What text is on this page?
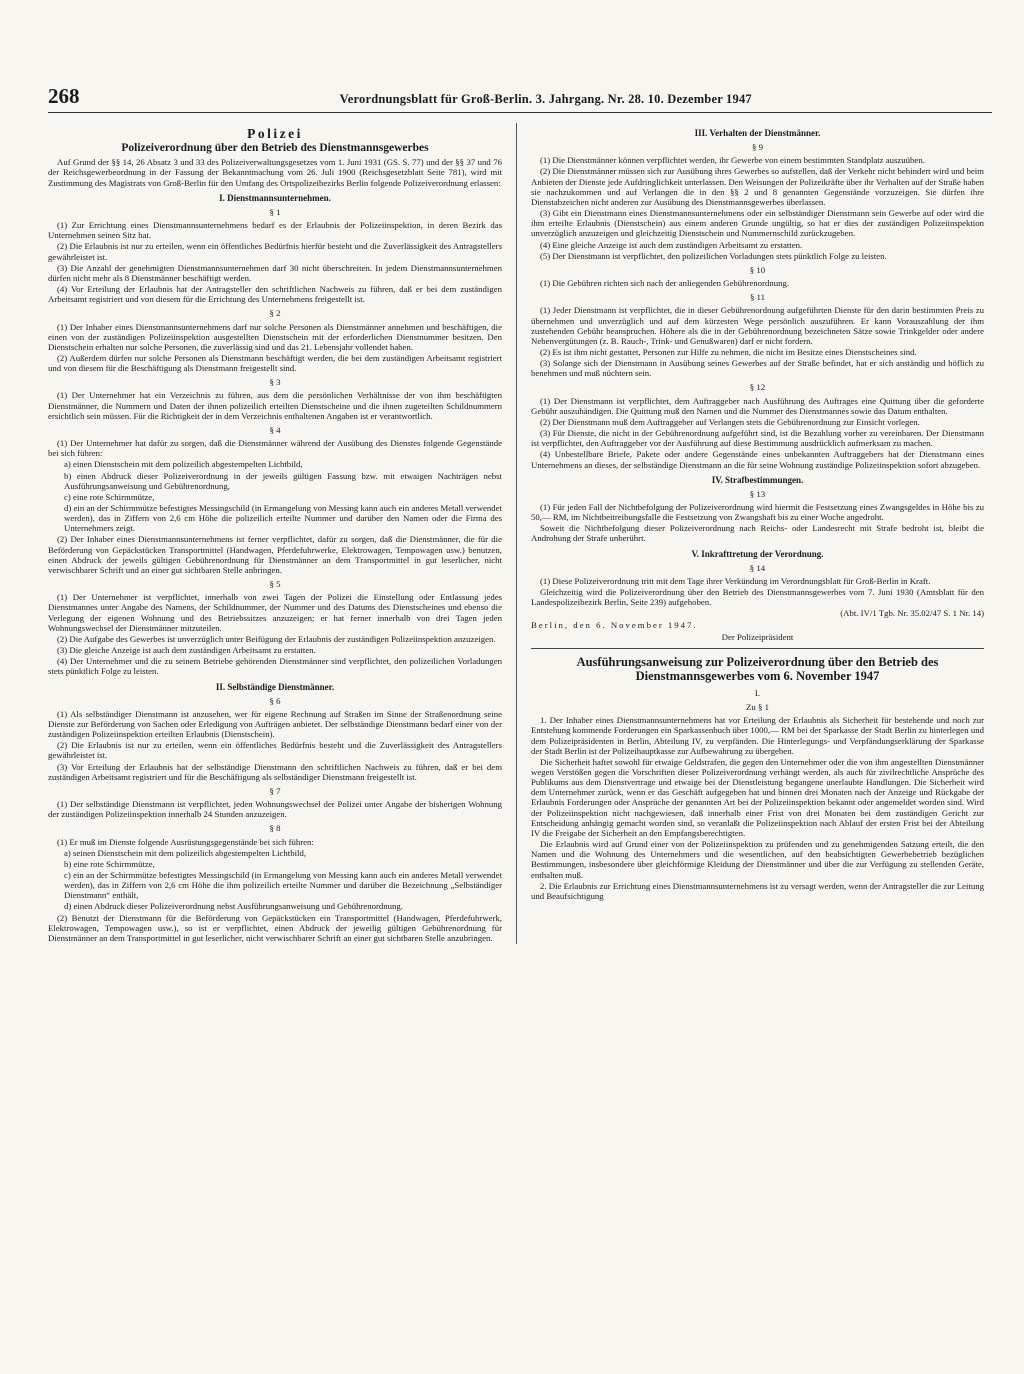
268	Verordnungsblatt für Groß-Berlin. 3. Jahrgang. Nr. 28. 10. Dezember 1947
Polizei
Polizeiverordnung über den Betrieb des Dienstmannsgewerbes

Auf Grund der §§ 14, 26 Absatz 3 und 33 des Polizeiverwaltungsgesetzes vom 1. Juni 1931 (GS. S. 77) und der §§ 37 und 76 der Reichsgewerbeordnung in der Fassung der Bekanntmachung vom 26. Juli 1900 (Reichsgesetzblatt Seite 781), wird mit Zustimmung des Magistrats von Groß-Berlin für den Umfang des Ortspolizeibezirks Berlin folgende Polizeiverordnung erlassen:

I. Dienstmannsunternehmen.
§ 1

(1) Zur Errichtung eines Dienstmannsunternehmens bedarf es der Erlaubnis der Polizeiinspektion, in deren Bezirk das Unternehmen seinen Sitz hat.

(2) Die Erlaubnis ist nur zu erteilen, wenn ein öffentliches Bedürfnis hierfür besteht und die Zuverlässigkeit des Antragstellers gewährleistet ist.

(3) Die Anzahl der genehmigten Dienstmannsunternehmen darf 30 nicht überschreiten. In jedem Dienstmannsunternehmen dürfen nicht mehr als 8 Dienstmänner beschäftigt werden.

(4) Vor Erteilung der Erlaubnis hat der Antragsteller den schriftlichen Nachweis zu führen, daß er bei dem zuständigen Arbeitsamt registriert und von diesem für die Errichtung des Unternehmens freigestellt ist.

§ 2

(1) Der Inhaber eines Dienstmannsunternehmens darf nur solche Personen als Dienstmänner annehmen und beschäftigen, die einen von der zuständigen Polizeiinspektion ausgestellten Dienstschein mit der erforderlichen Dienstnummer besitzen. Den Dienstschein erhalten nur solche Personen, die zuverlässig sind und das 21. Lebensjahr vollendet haben.

(2) Außerdem dürfen nur solche Personen als Dienstmann beschäftigt werden, die bei dem zuständigen Arbeitsamt registriert und von diesem für die Beschäftigung als Dienstmann freigestellt sind.

§ 3

(1) Der Unternehmer hat ein Verzeichnis zu führen, aus dem die persönlichen Verhältnisse der von ihm beschäftigten Dienstmänner, die Nummern und Daten der ihnen polizeilich erteilten Dienstscheine und die ihnen zugeteilten Schildnummern ersichtlich sein müssen. Für die Richtigkeit der in dem Verzeichnis enthaltenen Angaben ist er verantwortlich.

§ 4

(1) Der Unternehmer hat dafür zu sorgen, daß die Dienstmänner während der Ausübung des Dienstes folgende Gegenstände bei sich führen:

a) einen Dienstschein mit dem polizeilich abgestempelten Lichtbild,

b) einen Abdruck dieser Polizeiverordnung in der jeweils gültigen Fassung bzw. mit etwaigen Nachträgen nebst Ausführungsanweisung und Gebührenordnung,

c) eine rote Schirmmütze,

d) ein an der Schirmmütze befestigtes Messingschild (in Ermangelung von Messing kann auch ein anderes Metall verwendet werden), das in Ziffern von 2,6 cm Höhe die polizeilich erteilte Nummer und darüber den Namen oder die Firma des Unternehmers zeigt.

(2) Der Inhaber eines Dienstmannsunternehmens ist ferner verpflichtet, dafür zu sorgen, daß die Dienstmänner, die für die Beförderung von Gepäckstücken Transportmittel (Handwagen, Pferdefuhrwerke, Elektrowagen, Tempowagen usw.) benutzen, einen Abdruck der jeweils gültigen Gebührenordnung für Dienstmänner an dem Transportmittel in gut leserlicher, nicht verwischbarer Schrift und an einer gut sichtbaren Stelle anbringen.

§ 5

(1) Der Unternehmer ist verpflichtet, innerhalb von zwei Tagen der Polizei die Einstellung oder Entlassung jedes Dienstmannes unter Angabe des Namens, der Schildnummer, der Nummer und des Datums des Dienstscheines und ebenso die Verlegung der eigenen Wohnung und des Betriebssitzes anzuzeigen; er hat ferner innerhalb von drei Tagen jeden Wohnungswechsel der Dienstmänner mitzuteilen.

(2) Die Aufgabe des Gewerbes ist unverzüglich unter Beifügung der Erlaubnis der zuständigen Polizeiinspektion anzuzeigen.

(3) Die gleiche Anzeige ist auch dem zuständigen Arbeitsamt zu erstatten.

(4) Der Unternehmer und die zu seinem Betriebe gehörenden Dienstmänner sind verpflichtet, den polizeilichen Vorladungen stets pünktlich Folge zu leisten.

II. Selbständige Dienstmänner.
§ 6

(1) Als selbständiger Dienstmann ist anzusehen, wer für eigene Rechnung auf Straßen im Sinne der Straßenordnung seine Dienste zur Beförderung von Sachen oder Erledigung von Aufträgen anbietet. Der selbständige Dienstmann bedarf einer von der zuständigen Polizeiinspektion erteilten Erlaubnis (Dienstschein).

(2) Die Erlaubnis ist nur zu erteilen, wenn ein öffentliches Bedürfnis besteht und die Zuverlässigkeit des Antragstellers gewährleistet ist.

(3) Vor Erteilung der Erlaubnis hat der selbständige Dienstmann den schriftlichen Nachweis zu führen, daß er bei dem zuständigen Arbeitsamt registriert und für die Beschäftigung als selbständiger Dienstmann freigestellt ist.

§ 7

(1) Der selbständige Dienstmann ist verpflichtet, jeden Wohnungswechsel der Polizei unter Angabe der bisherigen Wohnung der zuständigen Polizeiinspektion innerhalb 24 Stunden anzuzeigen.

§ 8

(1) Er muß im Dienste folgende Ausrüstungsgegenstände bei sich führen:

a) seinen Dienstschein mit dem polizeilich abgestempelten Lichtbild,

b) eine rote Schirmmütze,

c) ein an der Schirmmütze befestigtes Messingschild (in Ermangelung von Messing kann auch ein anderes Metall verwendet werden), das in Ziffern von 2,6 cm Höhe die ihm polizeilich erteilte Nummer und darüber die Bezeichnung „Selbständiger Dienstmann“ enthält,

d) einen Abdruck dieser Polizeiverordnung nebst Ausführungsanweisung und Gebührenordnung.

(2) Benutzt der Dienstmann für die Beförderung von Gepäckstücken ein Transportmittel (Handwagen, Pferdefuhrwerk, Elektrowagen, Tempowagen usw.), so ist er verpflichtet, einen Abdruck der jeweilig gültigen Gebührenordnung für Dienstmänner an dem Transportmittel in gut leserlicher, nicht verwischbarer Schrift an einer gut sichtbaren Stelle anzubringen.

III. Verhalten der Dienstmänner.
§ 9

(1) Die Dienstmänner können verpflichtet werden, ihr Gewerbe von einem bestimmten Standplatz auszuüben.

(2) Die Dienstmänner müssen sich zur Ausübung ihres Gewerbes so aufstellen, daß der Verkehr nicht behindert wird und beim Anbieten der Dienste jede Aufdringlichkeit unterlassen. Den Weisungen der Polizeikräfte über ihr Verhalten auf der Straße haben sie nachzukommen und auf Verlangen die in den §§ 2 und 8 genannten Gegenstände vorzuzeigen. Sie dürfen ihre Dienstabzeichen nicht anderen zur Ausübung des Dienstmannsgewerbes überlassen.

(3) Gibt ein Dienstmann eines Dienstmannsunternehmens oder ein selbständiger Dienstmann sein Gewerbe auf oder wird die ihm erteilte Erlaubnis (Dienstschein) aus einem anderen Grunde ungültig, so hat er dies der zuständigen Polizeiinspektion unverzüglich anzuzeigen und gleichzeitig Dienstschein und Nummernschild zurückzugeben.

(4) Eine gleiche Anzeige ist auch dem zuständigen Arbeitsamt zu erstatten.

(5) Der Dienstmann ist verpflichtet, den polizeilichen Vorladungen stets pünktlich Folge zu leisten.

§ 10

(1) Die Gebühren richten sich nach der anliegenden Gebührenordnung.

§ 11

(1) Jeder Dienstmann ist verpflichtet, die in dieser Gebührenordnung aufgeführten Dienste für den darin bestimmten Preis zu übernehmen und unverzüglich und auf dem kürzesten Wege persönlich auszuführen. Er kann Vorauszahlung der ihm zustehenden Gebühr beanspruchen. Höhere als die in der Gebührenordnung bezeichneten Sätze sowie Trinkgelder oder andere Nebenvergütungen (z. B. Rauch-, Trink- und Genußwaren) darf er nicht fordern.

(2) Es ist ihm nicht gestattet, Personen zur Hilfe zu nehmen, die nicht im Besitze eines Dienstscheines sind.

(3) Solange sich der Dienstmann in Ausübung seines Gewerbes auf der Straße befindet, hat er sich anständig und höflich zu benehmen und muß nüchtern sein.

§ 12

(1) Der Dienstmann ist verpflichtet, dem Auftraggeber nach Ausführung des Auftrages eine Quittung über die geforderte Gebühr auszuhändigen. Die Quittung muß den Namen und die Nummer des Dienstmannes sowie das Datum enthalten.

(2) Der Dienstmann muß dem Auftraggeber auf Verlangen stets die Gebührenordnung zur Einsicht vorlegen.

(3) Für Dienste, die nicht in der Gebührenordnung aufgeführt sind, ist die Bezahlung vorher zu vereinbaren. Der Dienstmann ist verpflichtet, den Auftraggeber vor der Ausführung auf diese Bestimmung ausdrücklich aufmerksam zu machen.

(4) Unbestellbare Briefe, Pakete oder andere Gegenstände eines unbekannten Auftraggebers hat der Dienstmann eines Unternehmens an dieses, der selbständige Dienstmann an die für seine Wohnung zuständige Polizeiinspektion sofort abzugeben.

IV. Strafbestimmungen.
§ 13

(1) Für jeden Fall der Nichtbefolgung der Polizeiverordnung wird hiermit die Festsetzung eines Zwangsgeldes in Höhe bis zu 50,— RM, im Nichtbeitreibungsfalle die Festsetzung von Zwangshaft bis zu einer Woche angedroht.

Soweit die Nichtbefolgung dieser Polizeiverordnung nach Reichs- oder Landesrecht mit Strafe bedroht ist, bleibt die Androhung der Strafe unberührt.

V. Inkrafttretung der Verordnung.
§ 14

(1) Diese Polizeiverordnung tritt mit dem Tage ihrer Verkündung im Verordnungsblatt für Groß-Berlin in Kraft.

Gleichzeitig wird die Polizeiverordnung über den Betrieb des Dienstmannsgewerbes vom 7. Juni 1930 (Amtsblatt für den Landespolizeibezirk Berlin, Seite 239) aufgehoben.

(Abt. IV/1 Tgb. Nr. 35.02/47 S. 1 Nr. 14)

Berlin, den 6. November 1947.

Der Polizeipräsident
Ausführungsanweisung zur Polizeiverordnung über den Betrieb des Dienstmannsgewerbes vom 6. November 1947
I.
Zu § 1

1. Der Inhaber eines Dienstmannsunternehmens hat vor Erteilung der Erlaubnis als Sicherheit für bestehende und noch zur Entstehung kommende Forderungen ein Sparkassenbuch über 1000,— RM bei der Sparkasse der Stadt Berlin zu hinterlegen und dem Polizeipräsidenten in Berlin, Abteilung IV, zu verpfänden. Die Hinterlegungs- und Verpfändungserklärung der Sparkasse der Stadt Berlin ist der Polizeihauptkasse zur Aufbewahrung zu übergeben.

Die Sicherheit haftet sowohl für etwaige Geldstrafen, die gegen den Unternehmer oder die von ihm angestellten Dienstmänner wegen Verstößen gegen die Vorschriften dieser Polizeiverordnung verhängt werden, als auch für zivilrechtliche Ansprüche des Publikums aus dem Dienstvertrage und etwaige bei der Dienstleistung begangene unerlaubte Handlungen. Die Sicherheit wird dem Unternehmer zurück, wenn er das Geschäft aufgegeben hat und binnen drei Monaten nach der Anzeige und Rückgabe der Erlaubnis Forderungen oder Ansprüche der genannten Art bei der Polizeiinspektion bekannt oder angemeldet worden sind. Wird der Polizeiinspektion nicht nachgewiesen, daß innerhalb einer Frist von drei Monaten bei dem zuständigen Gericht zur Entscheidung anhängig gemacht worden sind, so veranlaßt die Polizeiinspektion nach Ablauf der ersten Frist bei der Abteilung IV die Freigabe der Sicherheit an den Empfangsberechtigten.

Die Erlaubnis wird auf Grund einer von der Polizeiinspektion zu prüfenden und zu genehmigenden Satzung erteilt, die den Namen und die Wohnung des Unternehmers und die wesentlichen, auf den beabsichtigten Gewerbebetrieb bezüglichen Bestimmungen, insbesondere über gleichförmige Kleidung der Dienstmänner und über die zur Verfügung zu stellenden Geräte, enthalten muß.

2. Die Erlaubnis zur Errichtung eines Dienstmannsunternehmens ist zu versagt werden, wenn der Antragsteller die zur Leitung und Beaufsichtigung
